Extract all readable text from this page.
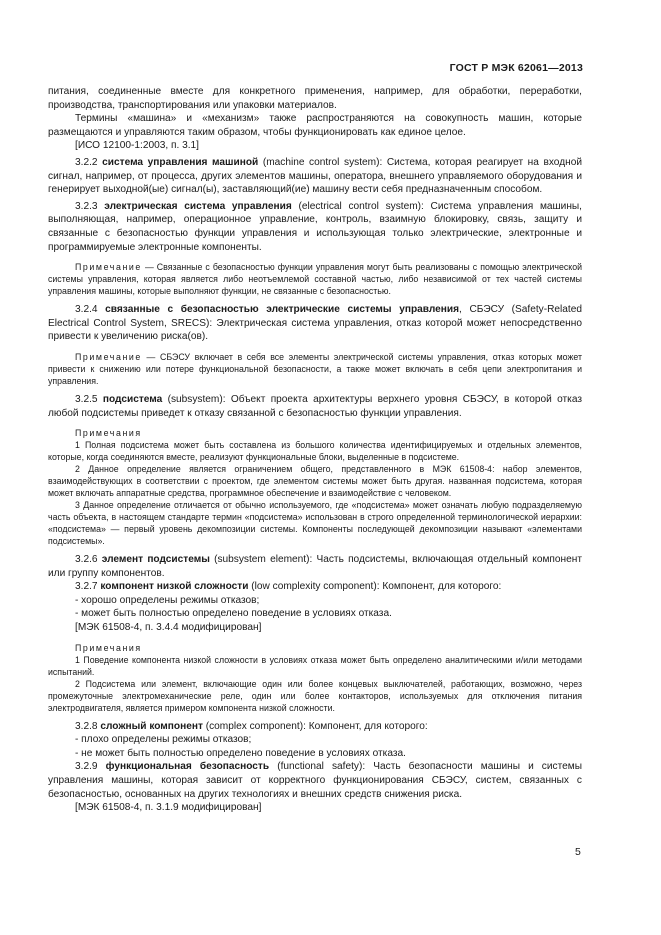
ГОСТ Р МЭК 62061—2013

питания, соединенные вместе для конкретного применения, например, для обработки, переработки, производства, транспортирования или упаковки материалов.

Термины «машина» и «механизм» также распространяются на совокупность машин, которые размещаются и управляются таким образом, чтобы функционировать как единое целое.

[ИСО 12100-1:2003, п. 3.1]

3.2.2 система управления машиной (machine control system): Система, которая реагирует на входной сигнал, например, от процесса, других элементов машины, оператора, внешнего управляемого оборудования и генерирует выходной(ые) сигнал(ы), заставляющий(ие) машину вести себя предназначенным способом.

3.2.3 электрическая система управления (electrical control system): Система управления машины, выполняющая, например, операционное управление, контроль, взаимную блокировку, связь, защиту и связанные с безопасностью функции управления и использующая только электрические, электронные и программируемые электронные компоненты.

Примечание — Связанные с безопасностью функции управления могут быть реализованы с помощью электрической системы управления, которая является либо неотъемлемой составной частью, либо независимой от тех частей системы управления машины, которые выполняют функции, не связанные с безопасностью.

3.2.4 связанные с безопасностью электрические системы управления, СБЭСУ (Safety-Related Electrical Control System, SRECS): Электрическая система управления, отказ которой может непосредственно привести к увеличению риска(ов).

Примечание — СБЭСУ включает в себя все элементы электрической системы управления, отказ которых может привести к снижению или потере функциональной безопасности, а также может включать в себя цепи электропитания и управления.

3.2.5 подсистема (subsystem): Объект проекта архитектуры верхнего уровня СБЭСУ, в которой отказ любой подсистемы приведет к отказу связанной с безопасностью функции управления.

Примечания

1 Полная подсистема может быть составлена из большого количества идентифицируемых и отдельных элементов, которые, когда соединяются вместе, реализуют функциональные блоки, выделенные в подсистеме.

2 Данное определение является ограничением общего, представленного в МЭК 61508-4: набор элементов, взаимодействующих в соответствии с проектом, где элементом системы может быть другая. названная подсистема, которая может включать аппаратные средства, программное обеспечение и взаимодействие с человеком.

3 Данное определение отличается от обычно используемого, где «подсистема» может означать любую подразделяемую часть объекта, в настоящем стандарте термин «подсистема» использован в строго определенной терминологической иерархии: «подсистема» — первый уровень декомпозиции системы. Компоненты последующей декомпозиции называют «элементами подсистемы».

3.2.6 элемент подсистемы (subsystem element): Часть подсистемы, включающая отдельный компонент или группу компонентов.

3.2.7 компонент низкой сложности (low complexity component): Компонент, для которого:

- хорошо определены режимы отказов;

- может быть полностью определено поведение в условиях отказа.

[МЭК 61508-4, п. 3.4.4 модифицирован]

Примечания

1 Поведение компонента низкой сложности в условиях отказа может быть определено аналитическими и/или методами испытаний.

2 Подсистема или элемент, включающие один или более концевых выключателей, работающих, возможно, через промежуточные электромеханические реле, один или более контакторов, используемых для отключения питания электродвигателя, является примером компонента низкой сложности.

3.2.8 сложный компонент (complex component): Компонент, для которого:

- плохо определены режимы отказов;

- не может быть полностью определено поведение в условиях отказа.

3.2.9 функциональная безопасность (functional safety): Часть безопасности машины и системы управления машины, которая зависит от корректного функционирования СБЭСУ, систем, связанных с безопасностью, основанных на других технологиях и внешних средств снижения риска.

[МЭК 61508-4, п. 3.1.9 модифицирован]

5
